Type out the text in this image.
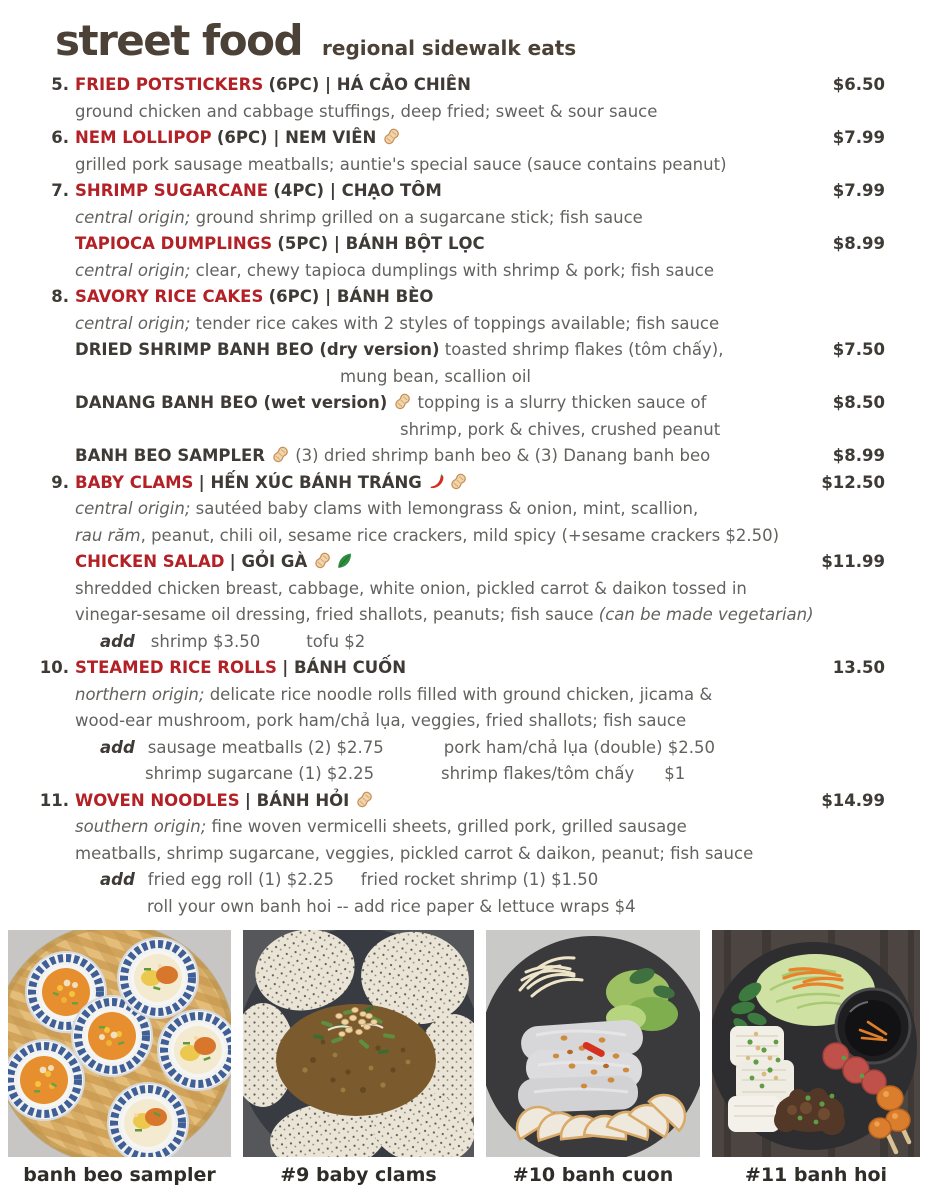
street food regional sidewalk eats
5. FRIED POTSTICKERS (6PC) | HÁ CẢO CHIÊN	$6.50
ground chicken and cabbage stuffings, deep fried; sweet & sour sauce
6. NEM LOLLIPOP (6PC) | NEM VIÊN	$7.99
grilled pork sausage meatballs; auntie's special sauce (sauce contains peanut)
7. SHRIMP SUGARCANE (4PC) | CHẠO TÔM	$7.99
central origin; ground shrimp grilled on a sugarcane stick; fish sauce
TAPIOCA DUMPLINGS (5PC) | BÁNH BỘT LỌC	$8.99
central origin; clear, chewy tapioca dumplings with shrimp & pork; fish sauce
8. SAVORY RICE CAKES (6PC) | BÁNH BÈO
central origin; tender rice cakes with 2 styles of toppings available; fish sauce
DRIED SHRIMP BANH BEO (dry version) toasted shrimp flakes (tôm chấy),	$7.50
mung bean, scallion oil
DANANG BANH BEO (wet version) topping is a slurry thicken sauce of	$8.50
shrimp, pork & chives, crushed peanut
BANH BEO SAMPLER (3) dried shrimp banh beo & (3) Danang banh beo	$8.99
9. BABY CLAMS | HẾN XÚC BÁNH TRÁNG	$12.50
central origin; sautéed baby clams with lemongrass & onion, mint, scallion,
rau răm, peanut, chili oil, sesame rice crackers, mild spicy (+sesame crackers $2.50)
CHICKEN SALAD | GỎI GÀ	$11.99
shredded chicken breast, cabbage, white onion, pickled carrot & daikon tossed in
vinegar-sesame oil dressing, fried shallots, peanuts; fish sauce (can be made vegetarian)
add shrimp $3.50	tofu $2
10. STEAMED RICE ROLLS | BÁNH CUỐN	13.50
northern origin; delicate rice noodle rolls filled with ground chicken, jicama &
wood-ear mushroom, pork ham/chả lụa, veggies, fried shallots; fish sauce
add sausage meatballs (2) $2.75	pork ham/chả lụa (double) $2.50
shrimp sugarcane (1) $2.25	shrimp flakes/tôm chấy $1
11. WOVEN NOODLES | BÁNH HỎI	$14.99
southern origin; fine woven vermicelli sheets, grilled pork, grilled sausage
meatballs, shrimp sugarcane, veggies, pickled carrot & daikon, peanut; fish sauce
add fried egg roll (1) $2.25 fried rocket shrimp (1) $1.50
roll your own banh hoi -- add rice paper & lettuce wraps $4
banh beo sampler	#9 baby clams	#10 banh cuon	#11 banh hoi
